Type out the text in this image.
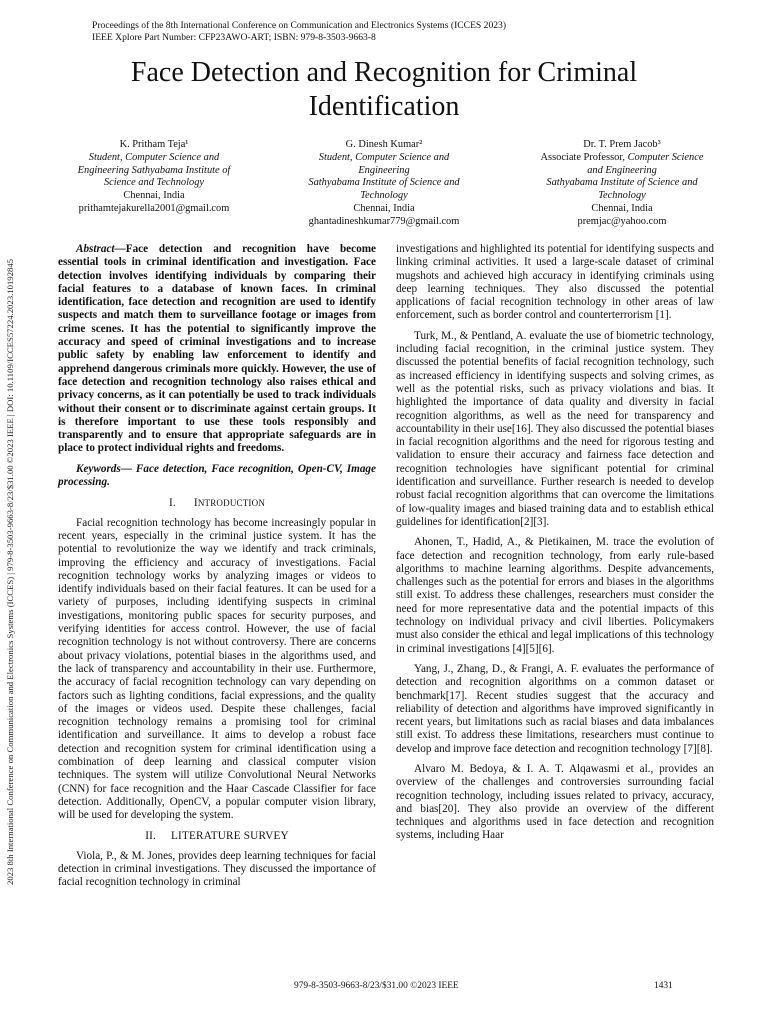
2023 8th International Conference on Communication and Electronics Systems (ICCES) | 979-8-3503-9663-8/23/$31.00 ©2023 IEEE | DOI: 10.1109/ICCES57224.2023.10192845
Proceedings of the 8th International Conference on Communication and Electronics Systems (ICCES 2023)
IEEE Xplore Part Number: CFP23AWO-ART; ISBN: 979-8-3503-9663-8
Face Detection and Recognition for Criminal
Identification
K. Pritham Teja¹
Student, Computer Science and
Engineering Sathyabama Institute of
Science and Technology
Chennai, India
prithamtejakurella2001@gmail.com
G. Dinesh Kumar²
Student, Computer Science and
Engineering
Sathyabama Institute of Science and
Technology
Chennai, India
ghantadineshkumar779@gmail.com
Dr. T. Prem Jacob³
Associate Professor, Computer Science
and Engineering
Sathyabama Institute of Science and
Technology
Chennai, India
premjac@yahoo.com

Abstract—Face detection and recognition have become essential tools in criminal identification and investigation. Face detection involves identifying individuals by comparing their facial features to a database of known faces. In criminal identification, face detection and recognition are used to identify suspects and match them to surveillance footage or images from crime scenes. It has the potential to significantly improve the accuracy and speed of criminal investigations and to increase public safety by enabling law enforcement to identify and apprehend dangerous criminals more quickly. However, the use of face detection and recognition technology also raises ethical and privacy concerns, as it can potentially be used to track individuals without their consent or to discriminate against certain groups. It is therefore important to use these tools responsibly and transparently and to ensure that appropriate safeguards are in place to protect individual rights and freedoms.

Keywords— Face detection, Face recognition, Open-CV, Image processing.

I. INTRODUCTION

Facial recognition technology has become increasingly popular in recent years, especially in the criminal justice system. It has the potential to revolutionize the way we identify and track criminals, improving the efficiency and accuracy of investigations. Facial recognition technology works by analyzing images or videos to identify individuals based on their facial features. It can be used for a variety of purposes, including identifying suspects in criminal investigations, monitoring public spaces for security purposes, and verifying identities for access control. However, the use of facial recognition technology is not without controversy. There are concerns about privacy violations, potential biases in the algorithms used, and the lack of transparency and accountability in their use. Furthermore, the accuracy of facial recognition technology can vary depending on factors such as lighting conditions, facial expressions, and the quality of the images or videos used. Despite these challenges, facial recognition technology remains a promising tool for criminal identification and surveillance. It aims to develop a robust face detection and recognition system for criminal identification using a combination of deep learning and classical computer vision techniques. The system will utilize Convolutional Neural Networks (CNN) for face recognition and the Haar Cascade Classifier for face detection. Additionally, OpenCV, a popular computer vision library, will be used for developing the system.

II.     LITERATURE SURVEY

Viola, P., & M. Jones, provides deep learning techniques for facial detection in criminal investigations. They discussed the importance of facial recognition technology in criminal

investigations and highlighted its potential for identifying suspects and linking criminal activities. It used a large-scale dataset of criminal mugshots and achieved high accuracy in identifying criminals using deep learning techniques. They also discussed the potential applications of facial recognition technology in other areas of law enforcement, such as border control and counterterrorism [1].

Turk, M., & Pentland, A. evaluate the use of biometric technology, including facial recognition, in the criminal justice system. They discussed the potential benefits of facial recognition technology, such as increased efficiency in identifying suspects and solving crimes, as well as the potential risks, such as privacy violations and bias. It highlighted the importance of data quality and diversity in facial recognition algorithms, as well as the need for transparency and accountability in their use[16]. They also discussed the potential biases in facial recognition algorithms and the need for rigorous testing and validation to ensure their accuracy and fairness face detection and recognition technologies have significant potential for criminal identification and surveillance. Further research is needed to develop robust facial recognition algorithms that can overcome the limitations of low-quality images and biased training data and to establish ethical guidelines for identification[2][3].

Ahonen, T., Hadid, A., & Pietikainen, M. trace the evolution of face detection and recognition technology, from early rule-based algorithms to machine learning algorithms. Despite advancements, challenges such as the potential for errors and biases in the algorithms still exist. To address these challenges, researchers must consider the need for more representative data and the potential impacts of this technology on individual privacy and civil liberties. Policymakers must also consider the ethical and legal implications of this technology in criminal investigations [4][5][6].

Yang, J., Zhang, D., & Frangi, A. F. evaluates the performance of detection and recognition algorithms on a common dataset or benchmark[17]. Recent studies suggest that the accuracy and reliability of detection and algorithms have improved significantly in recent years, but limitations such as racial biases and data imbalances still exist. To address these limitations, researchers must continue to develop and improve face detection and recognition technology [7][8].

Alvaro M. Bedoya, & I. A. T. Alqawasmi et al., provides an overview of the challenges and controversies surrounding facial recognition technology, including issues related to privacy, accuracy, and bias[20]. They also provide an overview of the different techniques and algorithms used in face detection and recognition systems, including Haar

979-8-3503-9663-8/23/$31.00 ©2023 IEEE	1431
